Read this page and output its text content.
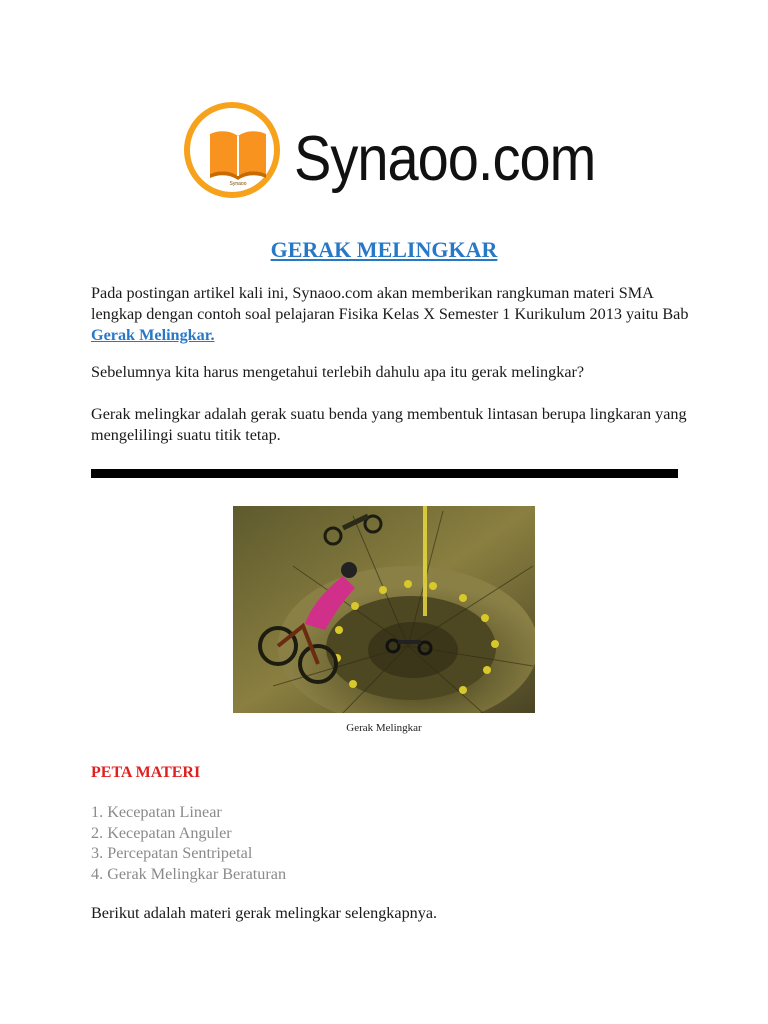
Synaoo Synaoo.com
GERAK MELINGKAR

Pada postingan artikel kali ini, Synaoo.com akan memberikan rangkuman materi SMA lengkap dengan contoh soal pelajaran Fisika Kelas X Semester 1 Kurikulum 2013 yaitu Bab Gerak Melingkar.

Sebelumnya kita harus mengetahui terlebih dahulu apa itu gerak melingkar?

Gerak melingkar adalah gerak suatu benda yang membentuk lintasan berupa lingkaran yang mengelilingi suatu titik tetap.

Gerak Melingkar

PETA MATERI

1. Kecepatan Linear
2. Kecepatan Anguler
3. Percepatan Sentripetal
4. Gerak Melingkar Beraturan

Berikut adalah materi gerak melingkar selengkapnya.
